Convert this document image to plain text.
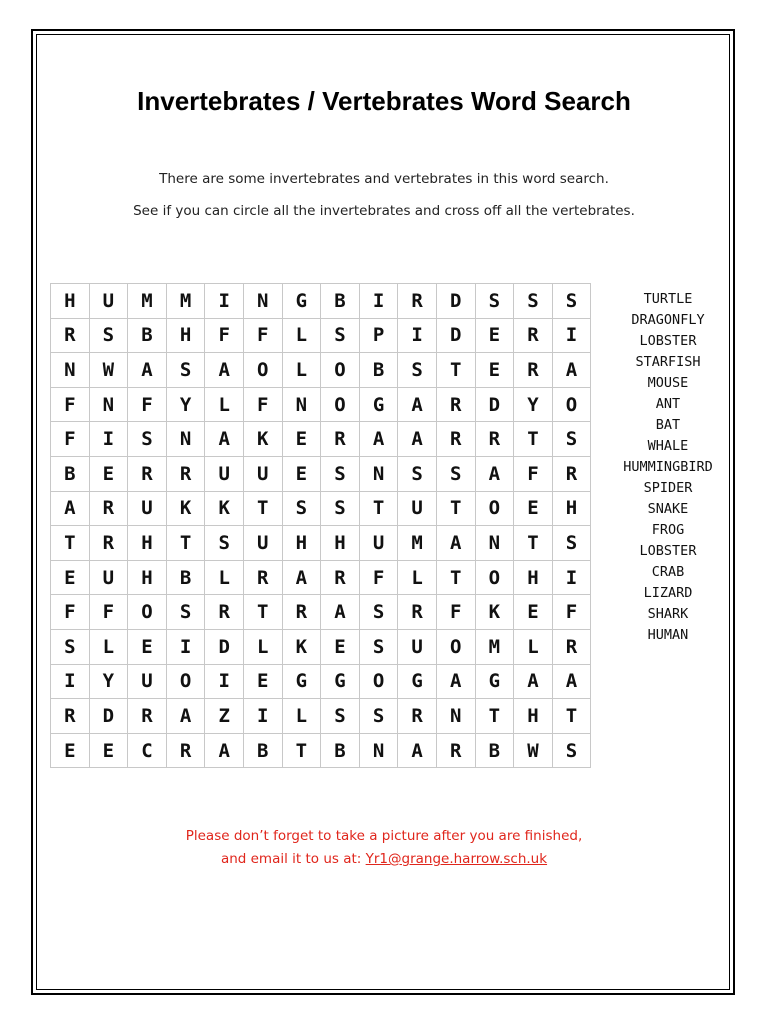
Invertebrates / Vertebrates Word Search
There are some invertebrates and vertebrates in this word search.
See if you can circle all the invertebrates and cross off all the vertebrates.
H	U	M	M	I	N	G	B	I	R	D	S	S	S
R	S	B	H	F	F	L	S	P	I	D	E	R	I
N	W	A	S	A	O	L	O	B	S	T	E	R	A
F	N	F	Y	L	F	N	O	G	A	R	D	Y	O
F	I	S	N	A	K	E	R	A	A	R	R	T	S
B	E	R	R	U	U	E	S	N	S	S	A	F	R
A	R	U	K	K	T	S	S	T	U	T	O	E	H
T	R	H	T	S	U	H	H	U	M	A	N	T	S
E	U	H	B	L	R	A	R	F	L	T	O	H	I
F	F	O	S	R	T	R	A	S	R	F	K	E	F
S	L	E	I	D	L	K	E	S	U	O	M	L	R
I	Y	U	O	I	E	G	G	O	G	A	G	A	A
R	D	R	A	Z	I	L	S	S	R	N	T	H	T
E	E	C	R	A	B	T	B	N	A	R	B	W	S
TURTLE
DRAGONFLY
LOBSTER
STARFISH
MOUSE
ANT
BAT
WHALE
HUMMINGBIRD
SPIDER
SNAKE
FROG
LOBSTER
CRAB
LIZARD
SHARK
HUMAN
Please don’t forget to take a picture after you are finished,
and email it to us at: Yr1@grange.harrow.sch.uk
